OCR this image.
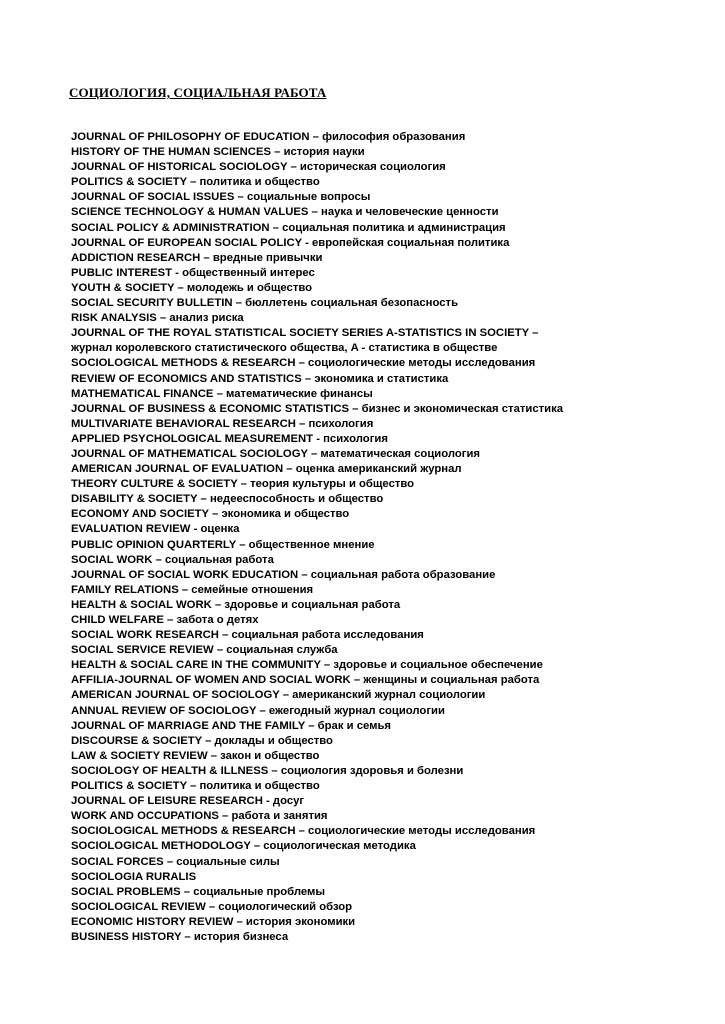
СОЦИОЛОГИЯ, СОЦИАЛЬНАЯ РАБОТА
JOURNAL OF PHILOSOPHY OF EDUCATION – философия образования
HISTORY OF THE HUMAN SCIENCES – история науки
JOURNAL OF HISTORICAL SOCIOLOGY – историческая социология
POLITICS & SOCIETY – политика и общество
JOURNAL OF SOCIAL ISSUES – социальные вопросы
SCIENCE TECHNOLOGY & HUMAN VALUES – наука и человеческие ценности
SOCIAL POLICY & ADMINISTRATION – социальная политика и администрация
JOURNAL OF EUROPEAN SOCIAL POLICY - европейская социальная политика
ADDICTION RESEARCH – вредные привычки
PUBLIC INTEREST - общественный интерес
YOUTH & SOCIETY – молодежь и общество
SOCIAL SECURITY BULLETIN – бюллетень социальная безопасность
RISK ANALYSIS – анализ риска
JOURNAL OF THE ROYAL STATISTICAL SOCIETY SERIES A-STATISTICS IN SOCIETY –
журнал королевского статистического общества, A - статистика в обществе
SOCIOLOGICAL METHODS & RESEARCH – социологические методы исследования
REVIEW OF ECONOMICS AND STATISTICS – экономика и статистика
MATHEMATICAL FINANCE – математические финансы
JOURNAL OF BUSINESS & ECONOMIC STATISTICS – бизнес и экономическая статистика
MULTIVARIATE BEHAVIORAL RESEARCH – психология
APPLIED PSYCHOLOGICAL MEASUREMENT - психология
JOURNAL OF MATHEMATICAL SOCIOLOGY – математическая социология
AMERICAN JOURNAL OF EVALUATION – оценка американский журнал
THEORY CULTURE & SOCIETY – теория культуры и общество
DISABILITY & SOCIETY – недееспособность и общество
ECONOMY AND SOCIETY – экономика и общество
EVALUATION REVIEW - оценка
PUBLIC OPINION QUARTERLY – общественное мнение
SOCIAL WORK – социальная работа
JOURNAL OF SOCIAL WORK EDUCATION – социальная работа образование
FAMILY RELATIONS – семейные отношения
HEALTH & SOCIAL WORK – здоровье и социальная работа
CHILD WELFARE – забота о детях
SOCIAL WORK RESEARCH – социальная работа исследования
SOCIAL SERVICE REVIEW – социальная служба
HEALTH & SOCIAL CARE IN THE COMMUNITY – здоровье и социальное обеспечение
AFFILIA-JOURNAL OF WOMEN AND SOCIAL WORK – женщины и социальная работа
AMERICAN JOURNAL OF SOCIOLOGY – американский журнал социологии
ANNUAL REVIEW OF SOCIOLOGY – ежегодный журнал социологии
JOURNAL OF MARRIAGE AND THE FAMILY – брак и семья
DISCOURSE & SOCIETY – доклады и общество
LAW & SOCIETY REVIEW – закон и общество
SOCIOLOGY OF HEALTH & ILLNESS – социология здоровья и болезни
POLITICS & SOCIETY – политика и общество
JOURNAL OF LEISURE RESEARCH - досуг
WORK AND OCCUPATIONS – работа и занятия
SOCIOLOGICAL METHODS & RESEARCH – социологические методы исследования
SOCIOLOGICAL METHODOLOGY – социологическая методика
SOCIAL FORCES – социальные силы
SOCIOLOGIA RURALIS
SOCIAL PROBLEMS – социальные проблемы
SOCIOLOGICAL REVIEW – социологический обзор
ECONOMIC HISTORY REVIEW – история экономики
BUSINESS HISTORY – история бизнеса
